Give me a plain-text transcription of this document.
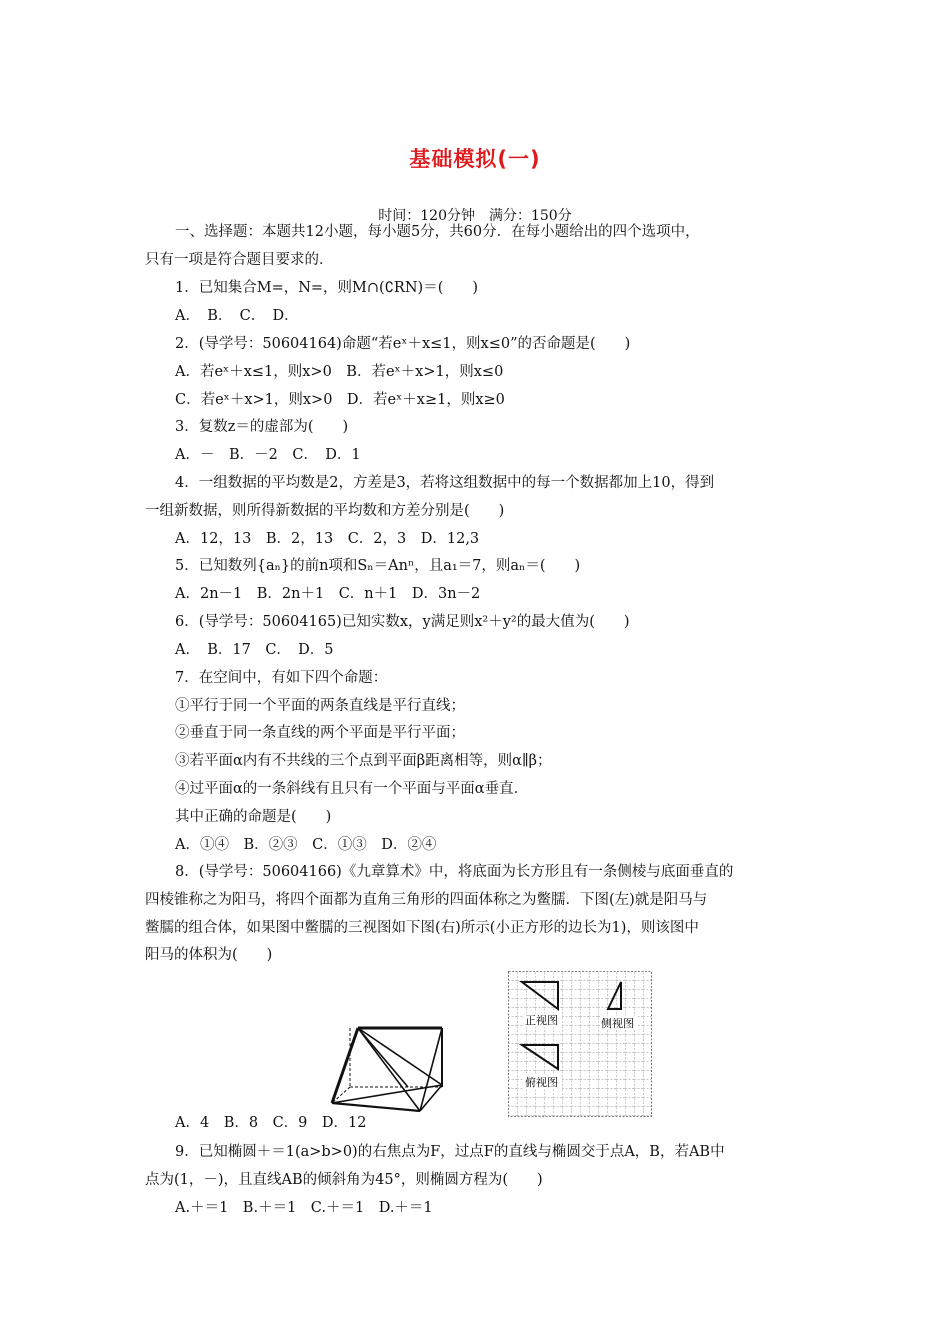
基础模拟(一)
时间：120分钟　满分：150分
一、选择题：本题共12小题，每小题5分，共60分．在每小题给出的四个选项中，
只有一项是符合题目要求的．
1．已知集合M=，N=，则M∩(∁RN)＝(　　)
A．　B．　C．　D．
2．(导学号：50604164)命题“若eˣ＋x≤1，则x≤0”的否命题是(　　)
A．若eˣ＋x≤1，则x>0　B．若eˣ＋x>1，则x≤0
C．若eˣ＋x>1，则x>0　D．若eˣ＋x≥1，则x≥0
3．复数z＝的虚部为(　　)
A．－　B．－2　C．　D．1
4．一组数据的平均数是2，方差是3，若将这组数据中的每一个数据都加上10，得到
一组新数据，则所得新数据的平均数和方差分别是(　　)
A．12，13　B．2，13　C．2，3　D．12,3
5．已知数列{aₙ}的前n项和Sₙ＝Anⁿ，且a₁＝7，则aₙ＝(　　)
A．2n－1　B．2n＋1　C．n＋1　D．3n－2
6．(导学号：50604165)已知实数x，y满足则x²＋y²的最大值为(　　)
A．　B．17　C．　D．5
7．在空间中，有如下四个命题：
①平行于同一个平面的两条直线是平行直线；
②垂直于同一条直线的两个平面是平行平面；
③若平面α内有不共线的三个点到平面β距离相等，则α∥β；
④过平面α的一条斜线有且只有一个平面与平面α垂直．
其中正确的命题是(　　)
A．①④　B．②③　C．①③　D．②④
8．(导学号：50604166)《九章算术》中，将底面为长方形且有一条侧棱与底面垂直的
四棱锥称之为阳马，将四个面都为直角三角形的四面体称之为鳖臑．下图(左)就是阳马与
鳖臑的组合体，如果图中鳖臑的三视图如下图(右)所示(小正方形的边长为1)，则该图中
阳马的体积为(　　)
正视图	侧视图
俯视图
A．4　B．8　C．9　D．12
9．已知椭圆＋＝1(a>b>0)的右焦点为F，过点F的直线与椭圆交于点A，B，若AB中
点为(1，－)，且直线AB的倾斜角为45°，则椭圆方程为(　　)
A.＋＝1　B.＋＝1　C.＋＝1　D.＋＝1
